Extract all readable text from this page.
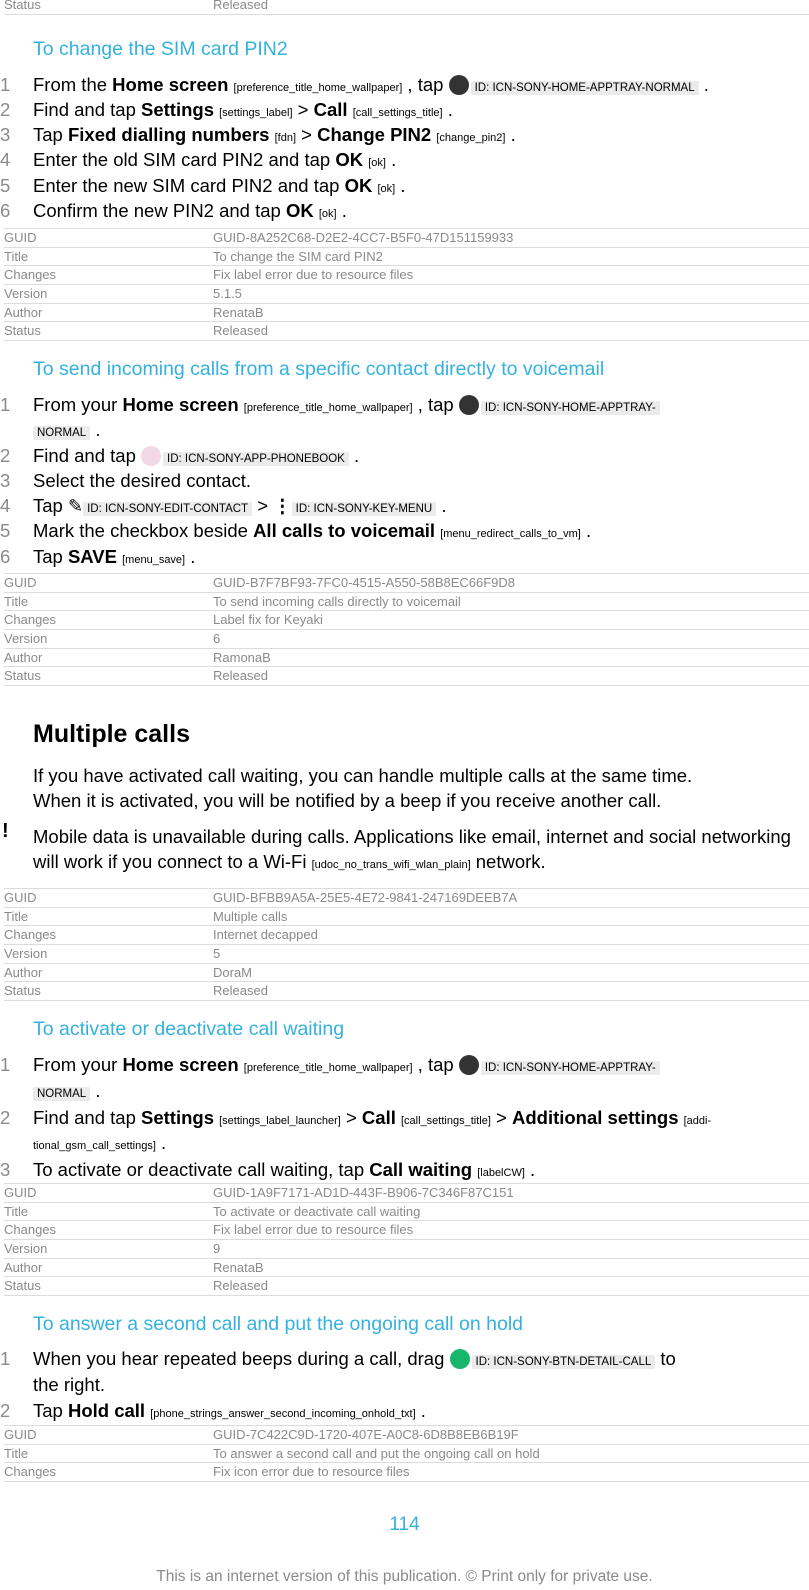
Status	Released
To change the SIM card PIN2
1	From the Home screen [preference_title_home_wallpaper] , tap ID: ICN-SONY-HOME-APPTRAY-NORMAL .
2	Find and tap Settings [settings_label] > Call [call_settings_title] .
3	Tap Fixed dialling numbers [fdn] > Change PIN2 [change_pin2] .
4	Enter the old SIM card PIN2 and tap OK [ok] .
5	Enter the new SIM card PIN2 and tap OK [ok] .
6	Confirm the new PIN2 and tap OK [ok] .
GUID	GUID-8A252C68-D2E2-4CC7-B5F0-47D151159933
Title	To change the SIM card PIN2
Changes	Fix label error due to resource files
Version	5.1.5
Author	RenataB
Status	Released
To send incoming calls from a specific contact directly to voicemail
1	From your Home screen [preference_title_home_wallpaper] , tap ID: ICN-SONY-HOME-APPTRAY-
NORMAL .
2	Find and tap ID: ICN-SONY-APP-PHONEBOOK .
3	Select the desired contact.
4	Tap ✎ ID: ICN-SONY-EDIT-CONTACT > ⋮ ID: ICN-SONY-KEY-MENU .
5	Mark the checkbox beside All calls to voicemail [menu_redirect_calls_to_vm] .
6	Tap SAVE [menu_save] .
GUID	GUID-B7F7BF93-7FC0-4515-A550-58B8EC66F9D8
Title	To send incoming calls directly to voicemail
Changes	Label fix for Keyaki
Version	6
Author	RamonaB
Status	Released
Multiple calls
If you have activated call waiting, you can handle multiple calls at the same time.
When it is activated, you will be notified by a beep if you receive another call.
! Mobile data is unavailable during calls. Applications like email, internet and social networking
will work if you connect to a Wi-Fi [udoc_no_trans_wifi_wlan_plain] network.
GUID	GUID-BFBB9A5A-25E5-4E72-9841-247169DEEB7A
Title	Multiple calls
Changes	Internet decapped
Version	5
Author	DoraM
Status	Released
To activate or deactivate call waiting
1	From your Home screen [preference_title_home_wallpaper] , tap ID: ICN-SONY-HOME-APPTRAY-
NORMAL .
2	Find and tap Settings [settings_label_launcher] > Call [call_settings_title] > Additional settings [addi-
tional_gsm_call_settings] .
3	To activate or deactivate call waiting, tap Call waiting [labelCW] .
GUID	GUID-1A9F7171-AD1D-443F-B906-7C346F87C151
Title	To activate or deactivate call waiting
Changes	Fix label error due to resource files
Version	9
Author	RenataB
Status	Released
To answer a second call and put the ongoing call on hold
1	When you hear repeated beeps during a call, drag ID: ICN-SONY-BTN-DETAIL-CALL to
the right.
2	Tap Hold call [phone_strings_answer_second_incoming_onhold_txt] .
GUID	GUID-7C422C9D-1720-407E-A0C8-6D8B8EB6B19F
Title	To answer a second call and put the ongoing call on hold
Changes	Fix icon error due to resource files
114
This is an internet version of this publication. © Print only for private use.
